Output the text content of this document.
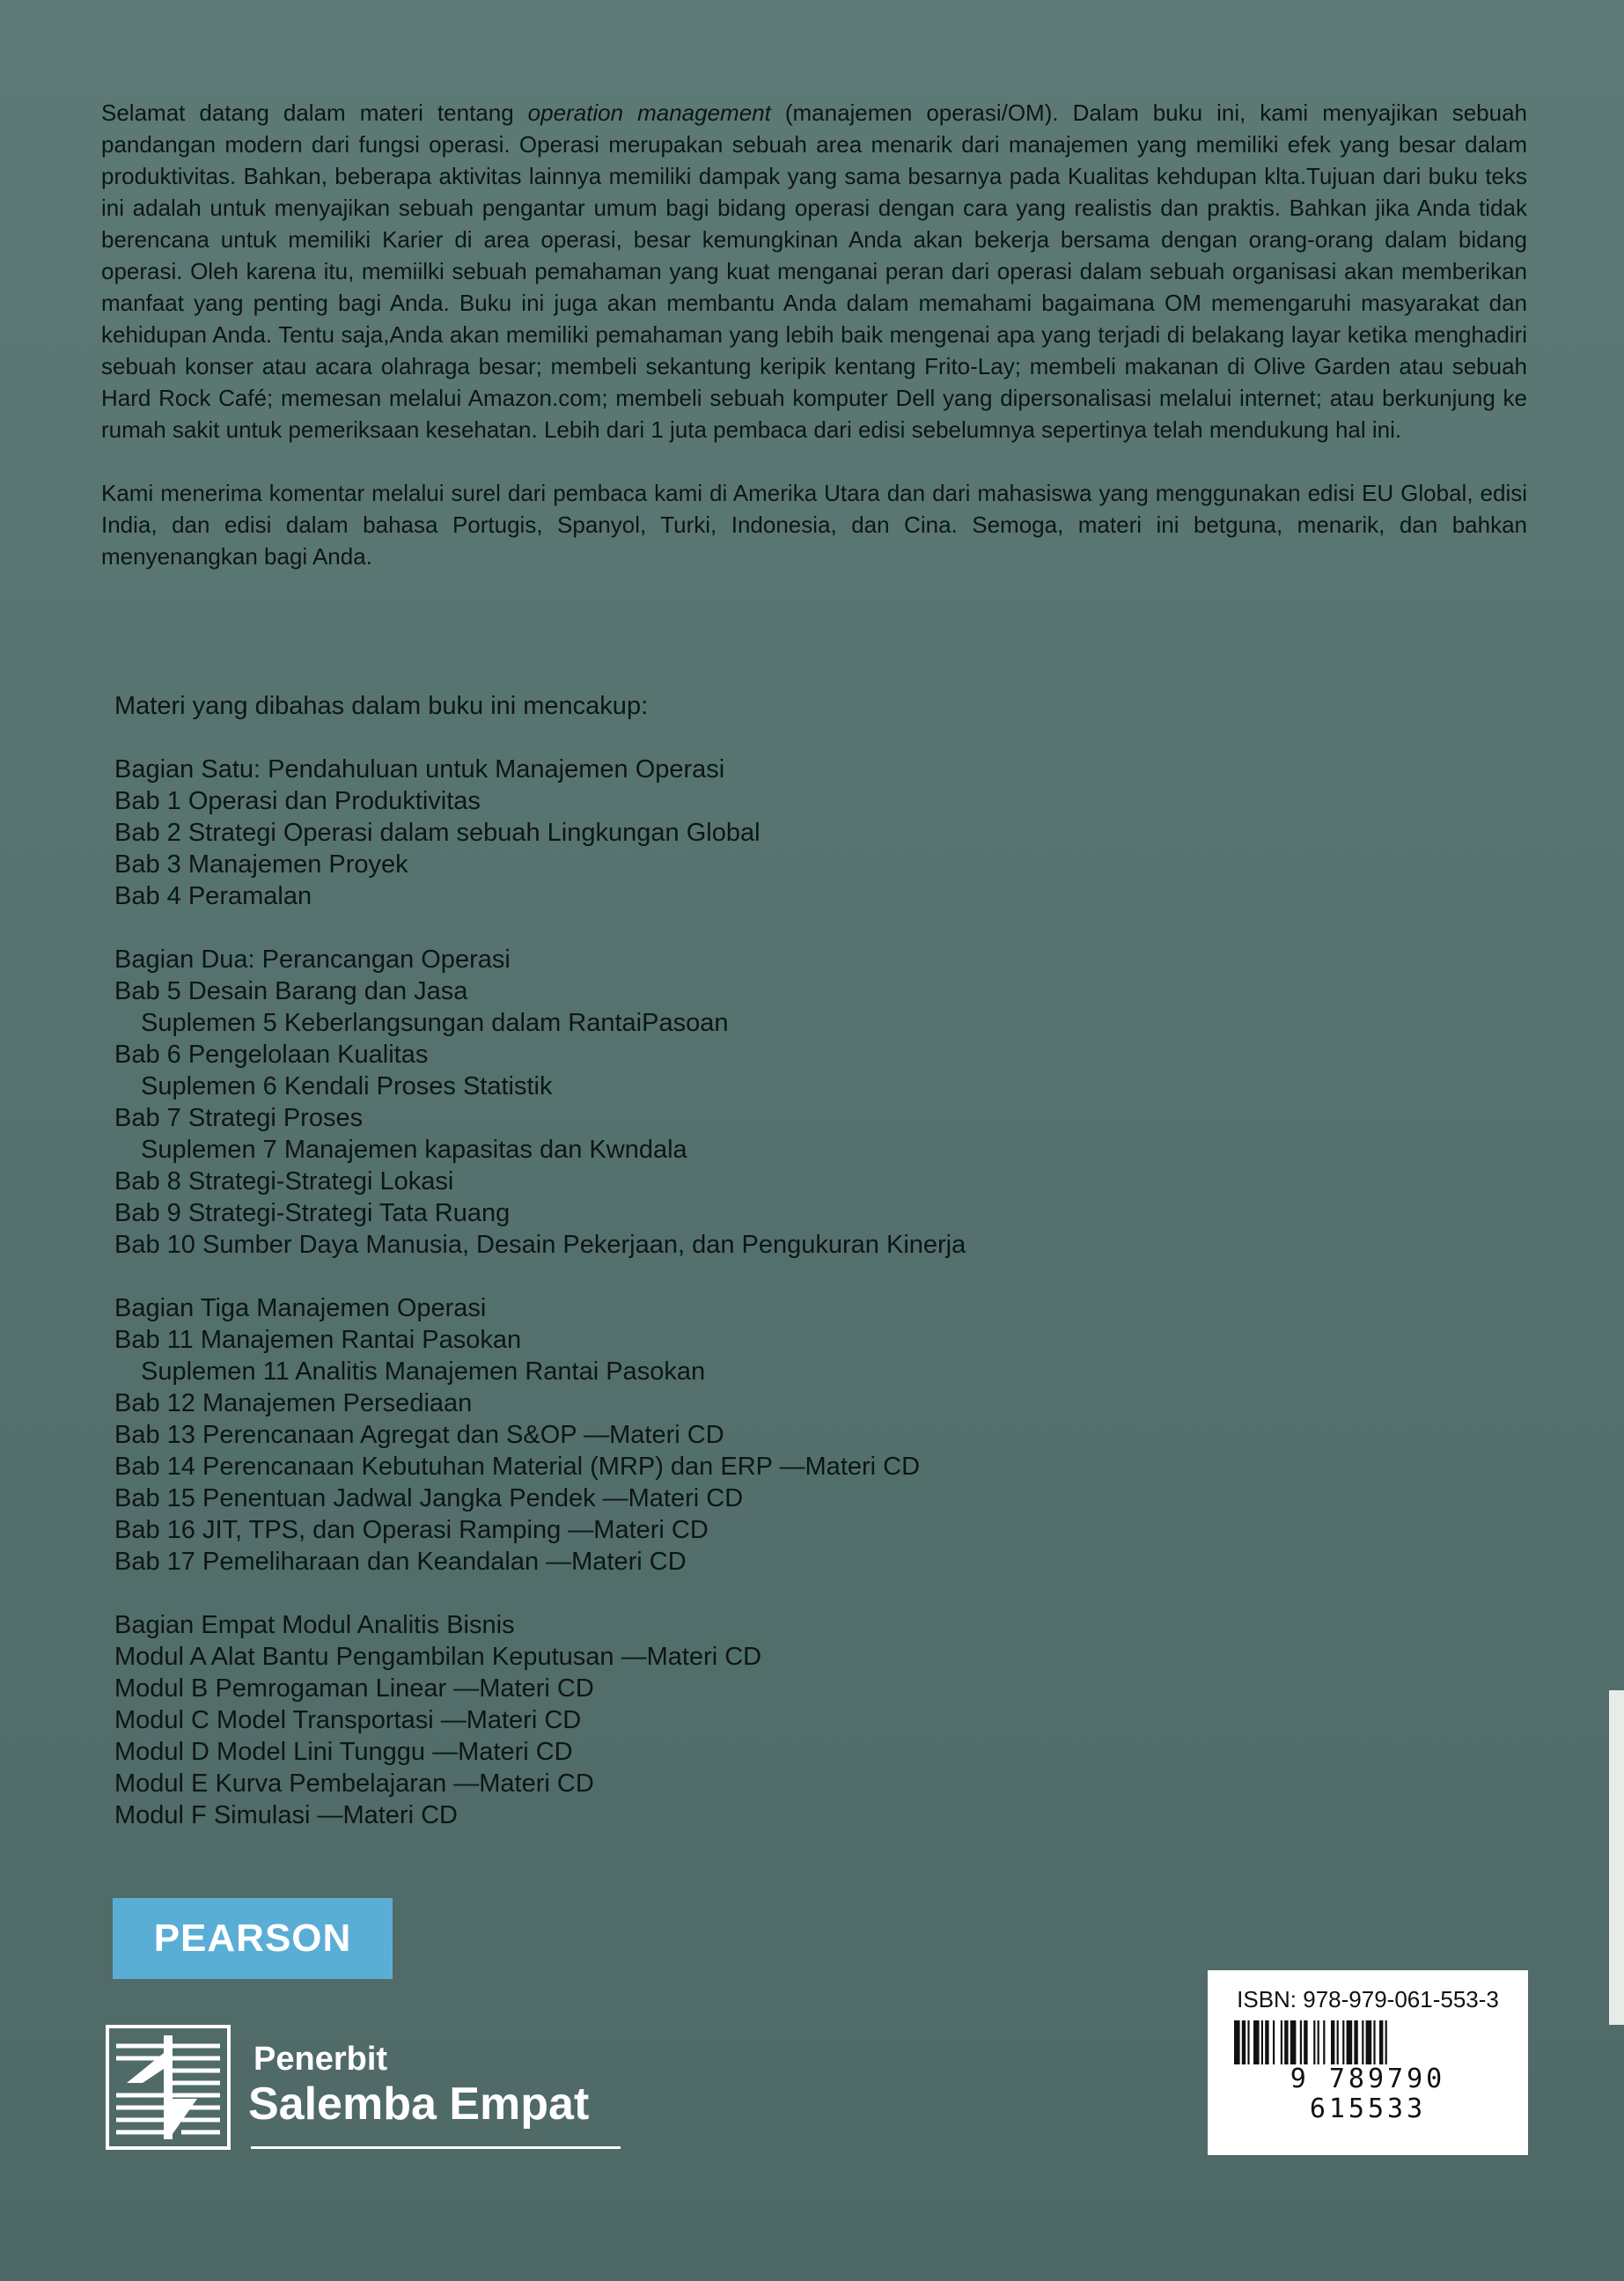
Selamat datang dalam materi tentang operation management (manajemen operasi/OM). Dalam buku ini, kami menyajikan sebuah pandangan modern dari fungsi operasi. Operasi merupakan sebuah area menarik dari manajemen yang memiliki efek yang besar dalam produktivitas. Bahkan, beberapa aktivitas lainnya memiliki dampak yang sama besarnya pada Kualitas kehdupan klta.Tujuan dari buku teks ini adalah untuk menyajikan sebuah pengantar umum bagi bidang operasi dengan cara yang realistis dan praktis. Bahkan jika Anda tidak berencana untuk memiliki Karier di area operasi, besar kemungkinan Anda akan bekerja bersama dengan orang-orang dalam bidang operasi. Oleh karena itu, memiilki sebuah pemahaman yang kuat menganai peran dari operasi dalam sebuah organisasi akan memberikan manfaat yang penting bagi Anda. Buku ini juga akan membantu Anda dalam memahami bagaimana OM memengaruhi masyarakat dan kehidupan Anda. Tentu saja,Anda akan memiliki pemahaman yang lebih baik mengenai apa yang terjadi di belakang layar ketika menghadiri sebuah konser atau acara olahraga besar; membeli sekantung keripik kentang Frito-Lay; membeli makanan di Olive Garden atau sebuah Hard Rock Café; memesan melalui Amazon.com; membeli sebuah komputer Dell yang dipersonalisasi melalui internet; atau berkunjung ke rumah sakit untuk pemeriksaan kesehatan. Lebih dari 1 juta pembaca dari edisi sebelumnya sepertinya telah mendukung hal ini.

Kami menerima komentar melalui surel dari pembaca kami di Amerika Utara dan dari mahasiswa yang menggunakan edisi EU Global, edisi India, dan edisi dalam bahasa Portugis, Spanyol, Turki, Indonesia, dan Cina. Semoga, materi ini betguna, menarik, dan bahkan menyenangkan bagi Anda.

Materi yang dibahas dalam buku ini mencakup:
Bagian Satu: Pendahuluan untuk Manajemen Operasi
Bab 1 Operasi dan Produktivitas
Bab 2 Strategi Operasi dalam sebuah Lingkungan Global
Bab 3 Manajemen Proyek
Bab 4 Peramalan
Bagian Dua: Perancangan Operasi
Bab 5 Desain Barang dan Jasa
Suplemen 5 Keberlangsungan dalam RantaiPasoan
Bab 6 Pengelolaan Kualitas
Suplemen 6 Kendali Proses Statistik
Bab 7 Strategi Proses
Suplemen 7 Manajemen kapasitas dan Kwndala
Bab 8 Strategi-Strategi Lokasi
Bab 9 Strategi-Strategi Tata Ruang
Bab 10 Sumber Daya Manusia, Desain Pekerjaan, dan Pengukuran Kinerja
Bagian Tiga Manajemen Operasi
Bab 11 Manajemen Rantai Pasokan
Suplemen 11 Analitis Manajemen Rantai Pasokan
Bab 12 Manajemen Persediaan
Bab 13 Perencanaan Agregat dan S&OP —Materi CD
Bab 14 Perencanaan Kebutuhan Material (MRP) dan ERP —Materi CD
Bab 15 Penentuan Jadwal Jangka Pendek —Materi CD
Bab 16 JIT, TPS, dan Operasi Ramping —Materi CD
Bab 17 Pemeliharaan dan Keandalan —Materi CD
Bagian Empat Modul Analitis Bisnis
Modul A Alat Bantu Pengambilan Keputusan —Materi CD
Modul B Pemrogaman Linear —Materi CD
Modul C Model Transportasi —Materi CD
Modul D Model Lini Tunggu —Materi CD
Modul E Kurva Pembelajaran —Materi CD
Modul F Simulasi —Materi CD
PEARSON
Penerbit
Salemba Empat
ISBN: 978-979-061-553-3
9 789790 615533
